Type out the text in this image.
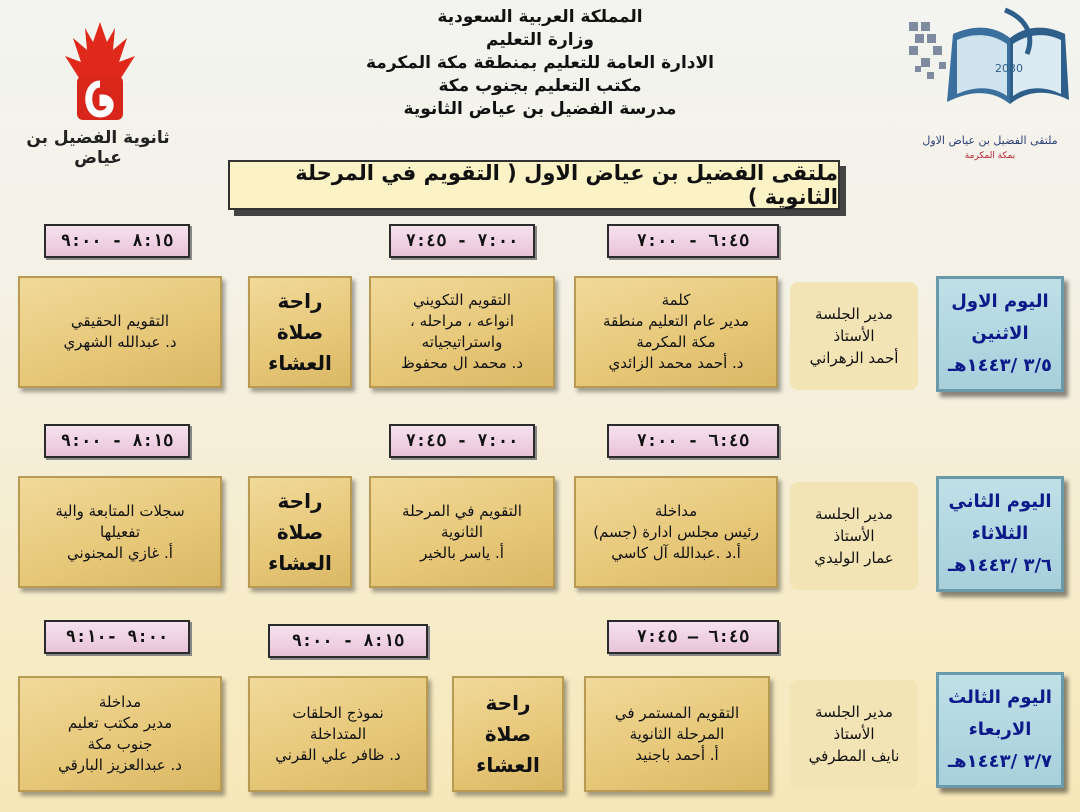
المملكة العربية السعودية
وزارة التعليم
الادارة العامة للتعليم بمنطقة مكة المكرمة
مكتب التعليم بجنوب مكة
مدرسة الفضيل بن عياض الثانوية
ثانوية الفضيل بن عياض
2030
ملتقى الفضيل بن عياض الاول
بمكة المكرمة
ملتقى الفضيل بن عياض الاول ( التقويم في المرحلة الثانوية )
٦:٤٥ - ٧:٠٠
٧:٠٠ - ٧:٤٥
٨:١٥ - ٩:٠٠
اليوم الاول
الاثنين
٣/٥ /١٤٤٣هـ
مدير الجلسة
الأستاذ
أحمد الزهراني
كلمة
مدير عام التعليم منطقة
مكة المكرمة
د. أحمد محمد الزائدي
التقويم التكويني
انواعه ، مراحله ،
واستراتيجياته
د. محمد ال محفوظ
راحة
صلاة
العشاء
التقويم الحقيقي
د. عبدالله الشهري
٦:٤٥ - ٧:٠٠
٧:٠٠ - ٧:٤٥
٨:١٥ - ٩:٠٠
اليوم الثاني
الثلاثاء
٣/٦ /١٤٤٣هـ
مدير الجلسة
الأستاذ
عمار الوليدي
مداخلة
رئيس مجلس ادارة (جسم)
أ.د .عبدالله آل كاسي
التقويم في المرحلة
الثانوية
أ. ياسر بالخير
راحة
صلاة
العشاء
سجلات المتابعة والية
تفعيلها
أ. غازي المجنوني
٦:٤٥ – ٧:٤٥
٨:١٥ - ٩:٠٠
٩:٠٠ -٩:١٠
اليوم الثالث
الاربعاء
٣/٧ /١٤٤٣هـ
مدير الجلسة
الأستاذ
نايف المطرفي
التقويم المستمر في
المرحلة الثانوية
أ. أحمد باجنيد
راحة
صلاة
العشاء
نموذج الحلقات
المتداخلة
د. ظافر علي القرني
مداخلة
مدير مكتب تعليم
جنوب مكة
د. عبدالعزيز البارقي
